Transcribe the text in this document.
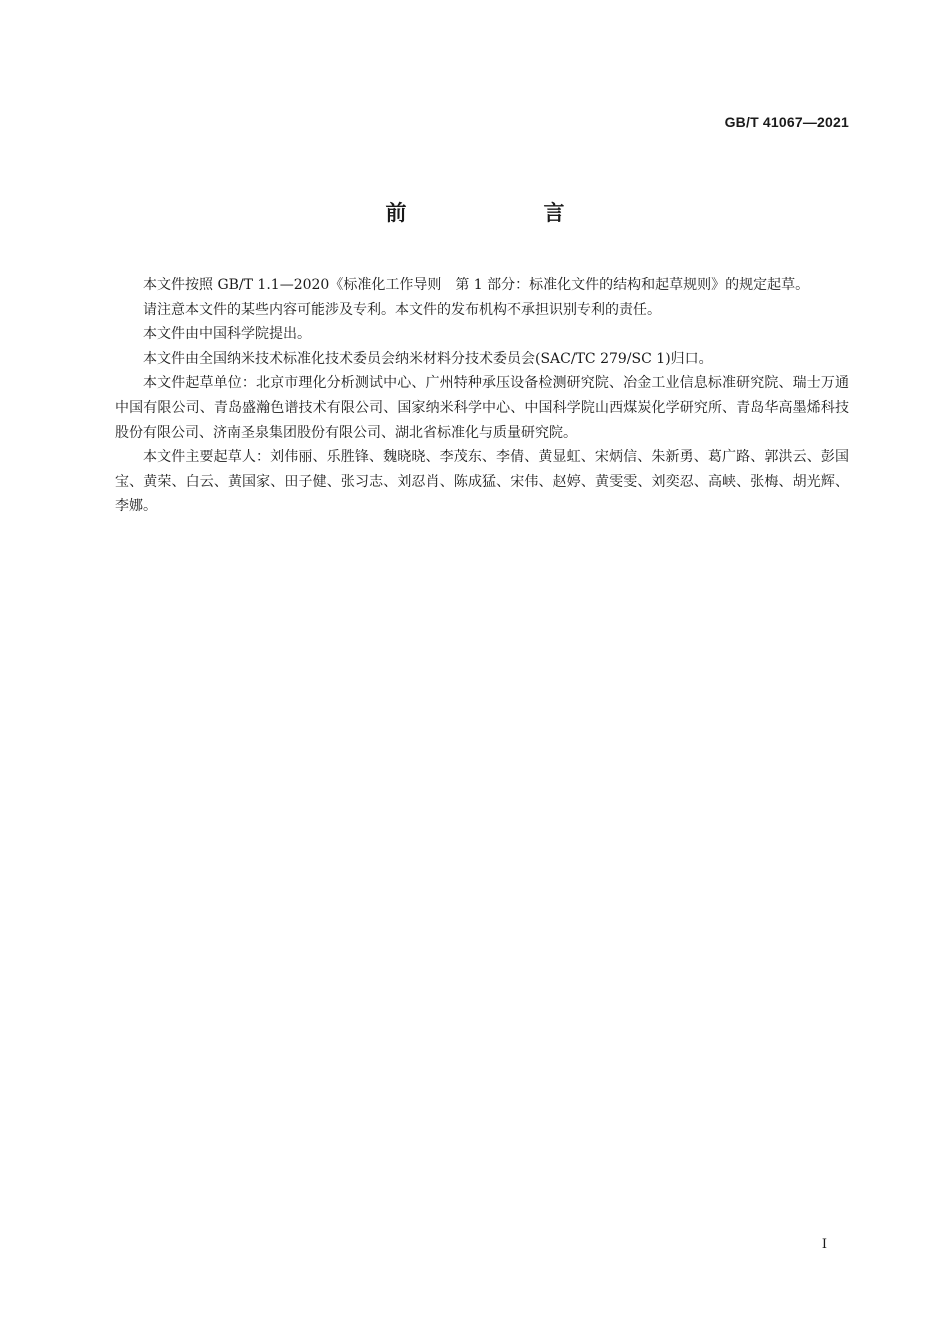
GB/T 41067—2021
前　言

本文件按照 GB/T 1.1—2020《标准化工作导则　第 1 部分：标准化文件的结构和起草规则》的规定起草。

请注意本文件的某些内容可能涉及专利。本文件的发布机构不承担识别专利的责任。

本文件由中国科学院提出。

本文件由全国纳米技术标准化技术委员会纳米材料分技术委员会(SAC/TC 279/SC 1)归口。

本文件起草单位：北京市理化分析测试中心、广州特种承压设备检测研究院、冶金工业信息标准研究院、瑞士万通中国有限公司、青岛盛瀚色谱技术有限公司、国家纳米科学中心、中国科学院山西煤炭化学研究所、青岛华高墨烯科技股份有限公司、济南圣泉集团股份有限公司、湖北省标准化与质量研究院。

本文件主要起草人：刘伟丽、乐胜锋、魏晓晓、李茂东、李倩、黄显虹、宋炳信、朱新勇、葛广路、郭洪云、彭国宝、黄荣、白云、黄国家、田子健、张习志、刘忍肖、陈成猛、宋伟、赵婷、黄雯雯、刘奕忍、高峡、张梅、胡光辉、李娜。

I
